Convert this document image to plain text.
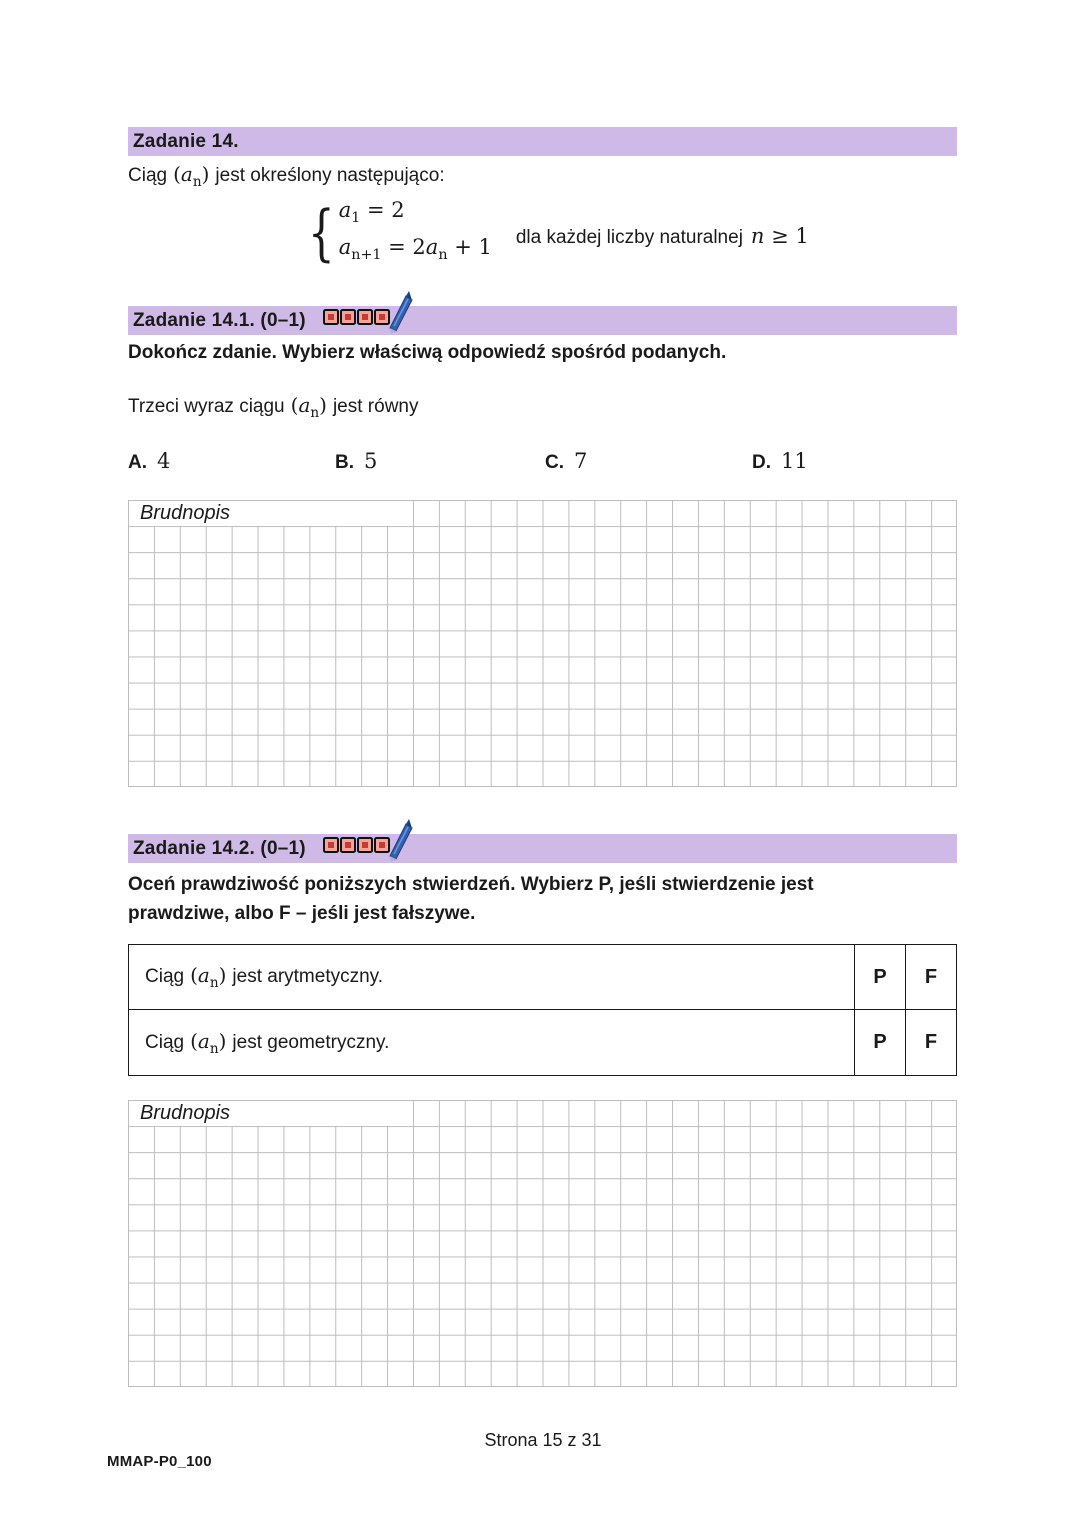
Zadanie 14.
Ciąg $(a_n)$ jest określony następująco:
{ $a_1 = 2$
$a_{n+1} = 2a_n + 1$ dla każdej liczby naturalnej n ≥ 1
Zadanie 14.1. (0–1)
Dokończ zdanie. Wybierz właściwą odpowiedź spośród podanych.
Trzeci wyraz ciągu $(a_n)$ jest równy
A. 4	B. 5	C. 7	D. 11
Brudnopis
Zadanie 14.2. (0–1)
Oceń prawdziwość poniższych stwierdzeń. Wybierz P, jeśli stwierdzenie jest prawdziwe, albo F – jeśli jest fałszywe.
Ciąg $(a_n)$ jest arytmetyczny.	P	F
Ciąg $(a_n)$ jest geometryczny.	P	F
Brudnopis
Strona 15 z 31
MMAP-P0_100
